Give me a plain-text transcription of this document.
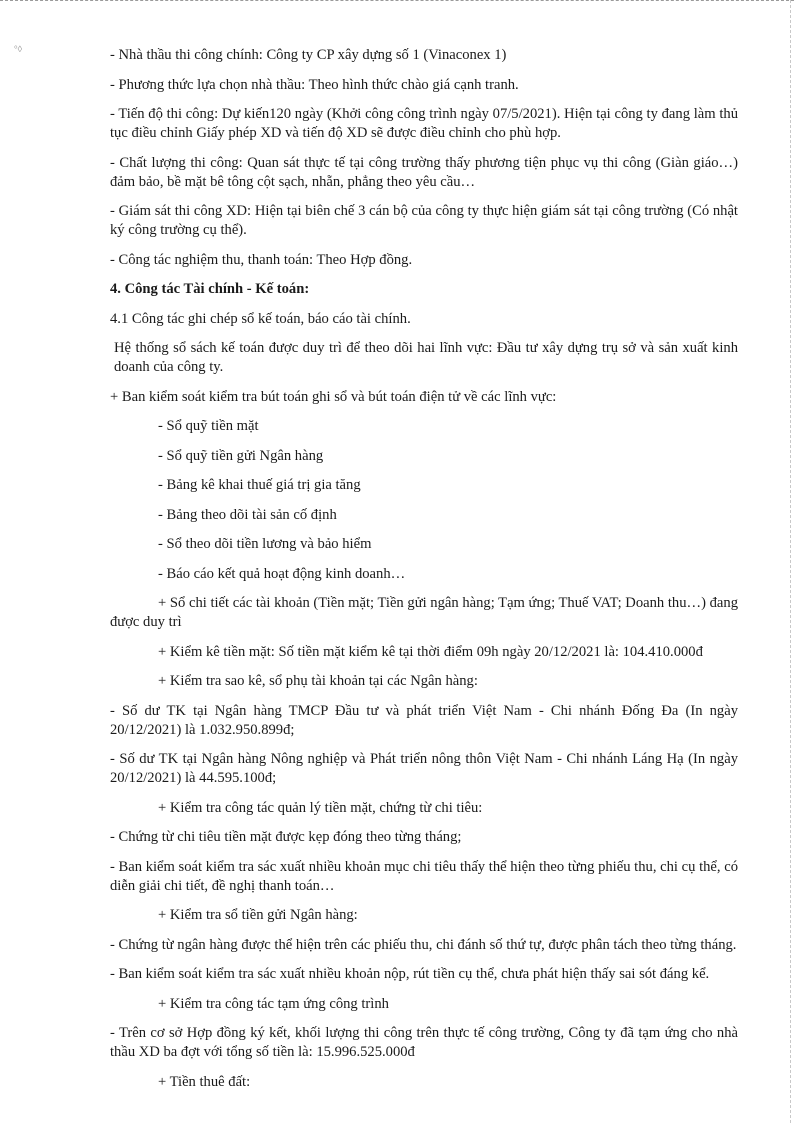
°◊	- Nhà thầu thi công chính: Công ty CP xây dựng số 1 (Vinaconex 1)

- Phương thức lựa chọn nhà thầu: Theo hình thức chào giá cạnh tranh.

- Tiến độ thi công: Dự kiến120 ngày (Khởi công công trình ngày 07/5/2021). Hiện tại công ty đang làm thủ tục điều chỉnh Giấy phép XD và tiến độ XD sẽ được điều chỉnh cho phù hợp.

- Chất lượng thi công: Quan sát thực tế tại công trường thấy phương tiện phục vụ thi công (Giàn giáo…) đảm bảo, bề mặt bê tông cột sạch, nhẵn, phẳng theo yêu cầu…

- Giám sát thi công XD: Hiện tại biên chế 3 cán bộ của công ty thực hiện giám sát tại công trường (Có nhật ký công trường cụ thể).

- Công tác nghiệm thu, thanh toán: Theo Hợp đồng.

4. Công tác Tài chính - Kế toán:

4.1 Công tác ghi chép sổ kế toán, báo cáo tài chính.

Hệ thống sổ sách kế toán được duy trì để theo dõi hai lĩnh vực: Đầu tư xây dựng trụ sở và sản xuất kinh doanh của công ty.

+ Ban kiểm soát kiểm tra bút toán ghi sổ và bút toán điện tử về các lĩnh vực:

- Sổ quỹ tiền mặt

- Sổ quỹ tiền gửi Ngân hàng

- Bảng kê khai thuế giá trị gia tăng

- Bảng theo dõi tài sản cố định

- Sổ theo dõi tiền lương và bảo hiểm

- Báo cáo kết quả hoạt động kinh doanh…

+ Sổ chi tiết các tài khoản (Tiền mặt; Tiền gửi ngân hàng; Tạm ứng; Thuế VAT; Doanh thu…) đang được duy trì

+ Kiểm kê tiền mặt: Số tiền mặt kiểm kê tại thời điểm 09h ngày 20/12/2021 là: 104.410.000đ

+ Kiểm tra sao kê, sổ phụ tài khoản tại các Ngân hàng:

- Số dư TK tại Ngân hàng TMCP Đầu tư và phát triển Việt Nam - Chi nhánh Đống Đa (In ngày 20/12/2021) là 1.032.950.899đ;

- Số dư TK tại Ngân hàng Nông nghiệp và Phát triển nông thôn Việt Nam - Chi nhánh Láng Hạ (In ngày 20/12/2021) là 44.595.100đ;

+ Kiểm tra công tác quản lý tiền mặt, chứng từ chi tiêu:

- Chứng từ chi tiêu tiền mặt được kẹp đóng theo từng tháng;

- Ban kiểm soát kiểm tra sác xuất nhiều khoản mục chi tiêu thấy thể hiện theo từng phiếu thu, chi cụ thể, có diễn giải chi tiết, đề nghị thanh toán…

+ Kiểm tra sổ tiền gửi Ngân hàng:

- Chứng từ ngân hàng được thể hiện trên các phiếu thu, chi đánh số thứ tự, được phân tách theo từng tháng.

- Ban kiểm soát kiểm tra sác xuất nhiều khoản nộp, rút tiền cụ thể, chưa phát hiện thấy sai sót đáng kể.

+ Kiểm tra công tác tạm ứng công trình

- Trên cơ sở Hợp đồng ký kết, khối lượng thi công trên thực tế công trường, Công ty đã tạm ứng cho nhà thầu XD ba đợt với tổng số tiền là: 15.996.525.000đ

+ Tiền thuê đất:
